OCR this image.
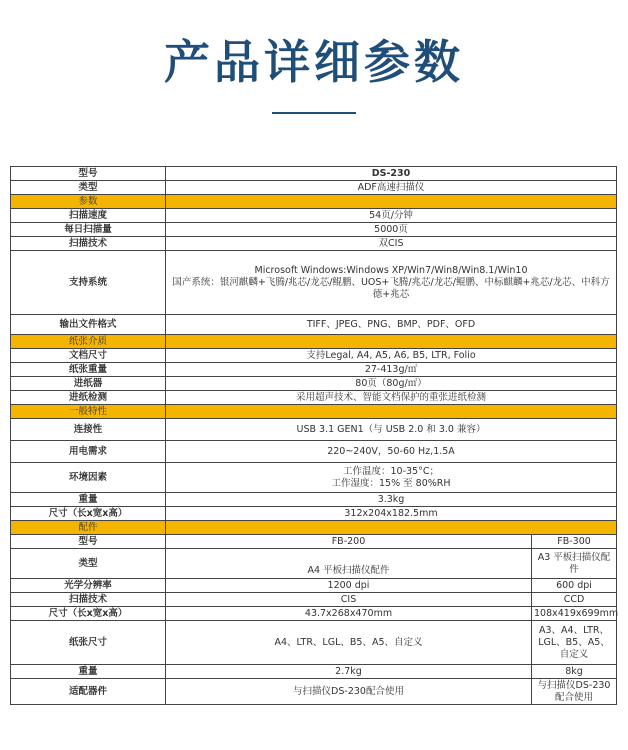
产品详细参数
型号	DS-230	
类型	ADF高速扫描仪	
参数		
扫描速度	54页/分钟	
每日扫描量	5000页	
扫描技术	双CIS	
支持系统	Microsoft Windows:Windows XP/Win7/Win8/Win8.1/Win10
国产系统：银河麒麟+飞腾/兆芯/龙芯/鲲鹏、UOS+飞腾/兆芯/龙芯/鲲鹏、中标麒麟+兆芯/龙芯、中科方德+兆芯	

输出文件格式	TIFF、JPEG、PNG、BMP、PDF、OFD	
纸张介质		
文档尺寸	支持Legal, A4, A5, A6, B5, LTR, Folio	
纸张重量	27-413g/㎡	
进纸器	80页（80g/㎡）	
进纸检测	采用超声技术、智能文档保护的重张进纸检测	
一般特性		
连接性	USB 3.1 GEN1（与 USB 2.0 和 3.0 兼容）	
用电需求	220~240V，50-60 Hz,1.5A	
环境因素	工作温度：10-35°C；
工作湿度：15% 至 80%RH	

重量	3.3kg	
尺寸（长x宽x高）	312x204x182.5mm	
配件		
型号	FB-200	FB-300
类型	A4 平板扫描仪配件	A3 平板扫描仪配件
光学分辨率	1200 dpi	600 dpi
扫描技术	CIS	CCD
尺寸（长x宽x高）	43.7x268x470mm	108x419x699mm
纸张尺寸	A4、LTR、LGL、B5、A5、自定义	A3、A4、LTR、LGL、B5、A5、自定义
重量	2.7kg	8kg
适配器件	与扫描仪DS-230配合使用	与扫描仪DS-230配合使用
